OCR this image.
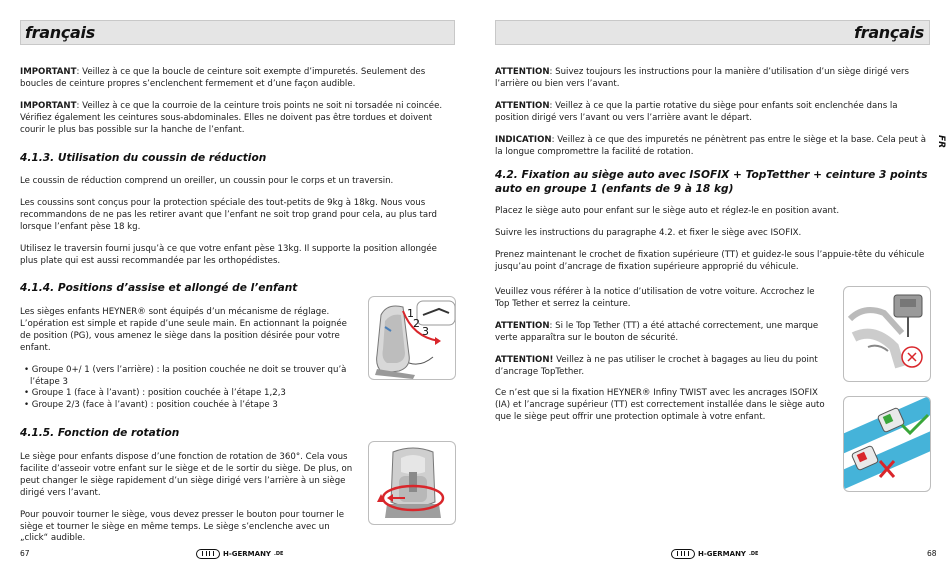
français

IMPORTANT: Veillez à ce que la boucle de ceinture soit exempte d’impuretés. Seulement des boucles de ceinture propres s’enclenchent fermement et d’une façon audible.

IMPORTANT: Veillez à ce que la courroie de la ceinture trois points ne soit ni torsadée ni coincée. Vérifiez également les ceintures sous-abdominales. Elles ne doivent pas être tordues et doivent courir le plus bas possible sur la hanche de l’enfant.

4.1.3. Utilisation du coussin de réduction

Le coussin de réduction comprend un oreiller, un coussin pour le corps et un traversin.

Les coussins sont conçus pour la protection spéciale des tout-petits de 9kg à 18kg. Nous vous recommandons de ne pas les retirer avant que l’enfant ne soit trop grand pour cela, au plus tard lorsque l’enfant pèse 18 kg.

Utilisez le traversin fourni jusqu’à ce que votre enfant pèse 13kg. Il supporte la position allongée plus plate qui est aussi recommandée par les orthopédistes.

4.1.4. Positions d’assise et allongé de l’enfant

Les sièges enfants HEYNER® sont équipés d’un mécanisme de réglage. L’opération est simple et rapide d’une seule main. En actionnant la poignée de position (PG), vous amenez le siège dans la position désirée pour votre enfant.

• Groupe 0+/ 1 (vers l’arrière) : la position couchée ne doit se trouver qu’à l’étape 3
• Groupe 1 (face à l’avant) : position couchée à l’étape 1,2,3
• Groupe 2/3 (face à l’avant) : position couchée à l’étape 3
1
2
3
4.1.5. Fonction de rotation

Le siège pour enfants dispose d’une fonction de rotation de 360°. Cela vous facilite d’asseoir votre enfant sur le siège et de le sortir du siège. De plus, on peut changer le siège rapidement d’un siège dirigé vers l’arrière à un siège dirigé vers l’avant.

Pour pouvoir tourner le siège, vous devez presser le bouton pour tourner le siège et tourner le siège en même temps. Le siège s’enclenche avec un „click“ audible.

67	H-GERMANY .DE
français

ATTENTION: Suivez toujours les instructions pour la manière d’utilisation d’un siège dirigé vers l’arrière ou bien vers l’avant.

ATTENTION: Veillez à ce que la partie rotative du siège pour enfants soit enclenchée dans la position dirigé vers l’avant ou vers l’arrière avant le départ.

INDICATION: Veillez à ce que des impuretés ne pénètrent pas entre le siège et la base. Cela peut à la longue compromettre la facilité de rotation.

4.2. Fixation au siège auto avec ISOFIX + TopTetther + ceinture 3 points auto en groupe 1 (enfants de 9 à 18 kg)

Placez le siège auto pour enfant sur le siège auto et réglez-le en position avant.

Suivre les instructions du paragraphe 4.2. et fixer le siège avec ISOFIX.

Prenez maintenant le crochet de fixation supérieure (TT) et guidez-le sous l’appuie-tête du véhicule jusqu’au point d’ancrage de fixation supérieure approprié du véhicule.

Veuillez vous référer à la notice d’utilisation de votre voiture. Accrochez le Top Tether et serrez la ceinture.

ATTENTION: Si le Top Tether (TT) a été attaché correctement, une marque verte apparaîtra sur le bouton de sécurité.

ATTENTION! Veillez à ne pas utiliser le crochet à bagages au lieu du point d’ancrage TopTether.

Ce n’est que si la fixation HEYNER® Infiny TWIST avec les ancrages ISOFIX (IA) et l’ancrage supérieur (TT) est correctement installée dans le siège auto que le siège peut offrir une protection optimale à votre enfant.

FR
68
H-GERMANY .DE
